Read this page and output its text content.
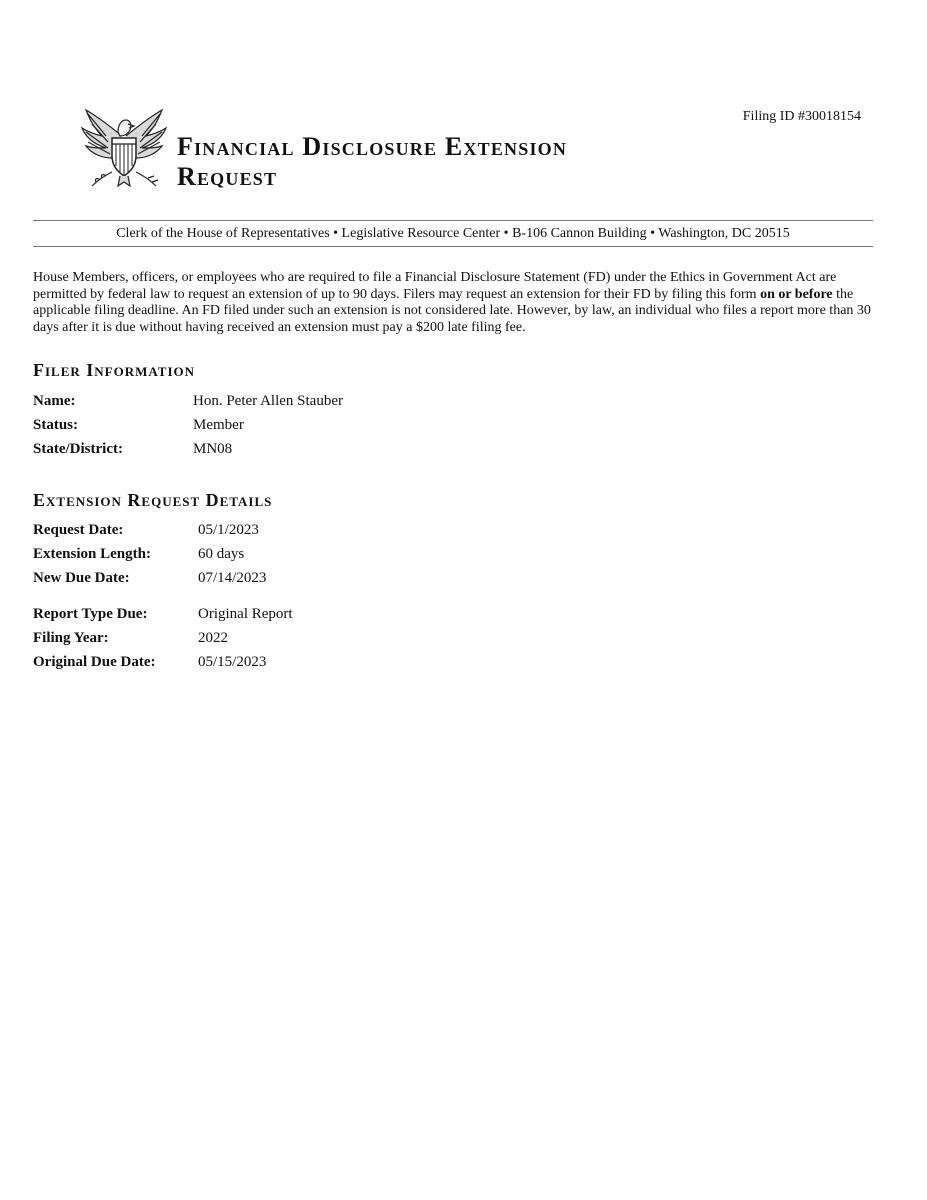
Filing ID #30018154
Financial Disclosure Extension
Request
Clerk of the House of Representatives • Legislative Resource Center • B-106 Cannon Building • Washington, DC 20515

House Members, officers, or employees who are required to file a Financial Disclosure Statement (FD) under the Ethics in Government Act are permitted by federal law to request an extension of up to 90 days. Filers may request an extension for their FD by filing this form on or before the applicable filing deadline. An FD filed under such an extension is not considered late. However, by law, an individual who files a report more than 30 days after it is due without having received an extension must pay a $200 late filing fee.

Filer Information
Name:	Hon. Peter Allen Stauber
Status:	Member
State/District:	MN08
Extension Request Details
Request Date:	05/1/2023
Extension Length:	60 days
New Due Date:	07/14/2023
Report Type Due:	Original Report
Filing Year:	2022
Original Due Date:	05/15/2023
